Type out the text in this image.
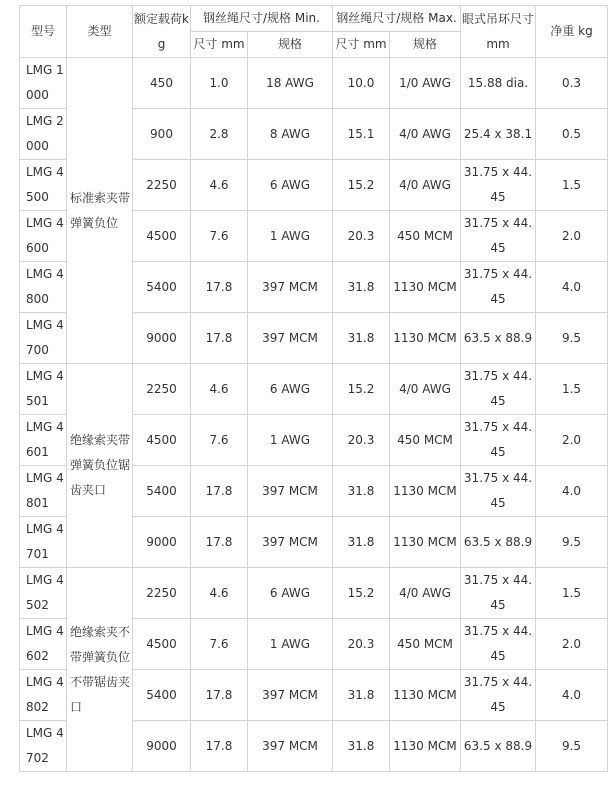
型号	类型	额定载荷kg	钢丝绳尺寸/规格 Min.		钢丝绳尺寸/规格 Max.		眼式吊环尺寸 mm	净重 kg
			尺寸 mm	规格	尺寸 mm	规格		
LMG 1000	标准索夹带弹簧负位	450	1.0	18 AWG	10.0	1/0 AWG	15.88 dia.	0.3
LMG 2000		900	2.8	8 AWG	15.1	4/0 AWG	25.4 x 38.1	0.5
LMG 4500		2250	4.6	6 AWG	15.2	4/0 AWG	31.75 x 44.45	1.5
LMG 4600		4500	7.6	1 AWG	20.3	450 MCM	31.75 x 44.45	2.0
LMG 4800		5400	17.8	397 MCM	31.8	1130 MCM	31.75 x 44.45	4.0
LMG 4700		9000	17.8	397 MCM	31.8	1130 MCM	63.5 x 88.9	9.5
LMG 4501	绝缘索夹带弹簧负位锯齿夹口	2250	4.6	6 AWG	15.2	4/0 AWG	31.75 x 44.45	1.5
LMG 4601		4500	7.6	1 AWG	20.3	450 MCM	31.75 x 44.45	2.0
LMG 4801		5400	17.8	397 MCM	31.8	1130 MCM	31.75 x 44.45	4.0
LMG 4701		9000	17.8	397 MCM	31.8	1130 MCM	63.5 x 88.9	9.5
LMG 4502	绝缘索夹不带弹簧负位不带锯齿夹口	2250	4.6	6 AWG	15.2	4/0 AWG	31.75 x 44.45	1.5
LMG 4602		4500	7.6	1 AWG	20.3	450 MCM	31.75 x 44.45	2.0
LMG 4802		5400	17.8	397 MCM	31.8	1130 MCM	31.75 x 44.45	4.0
LMG 4702		9000	17.8	397 MCM	31.8	1130 MCM	63.5 x 88.9	9.5
